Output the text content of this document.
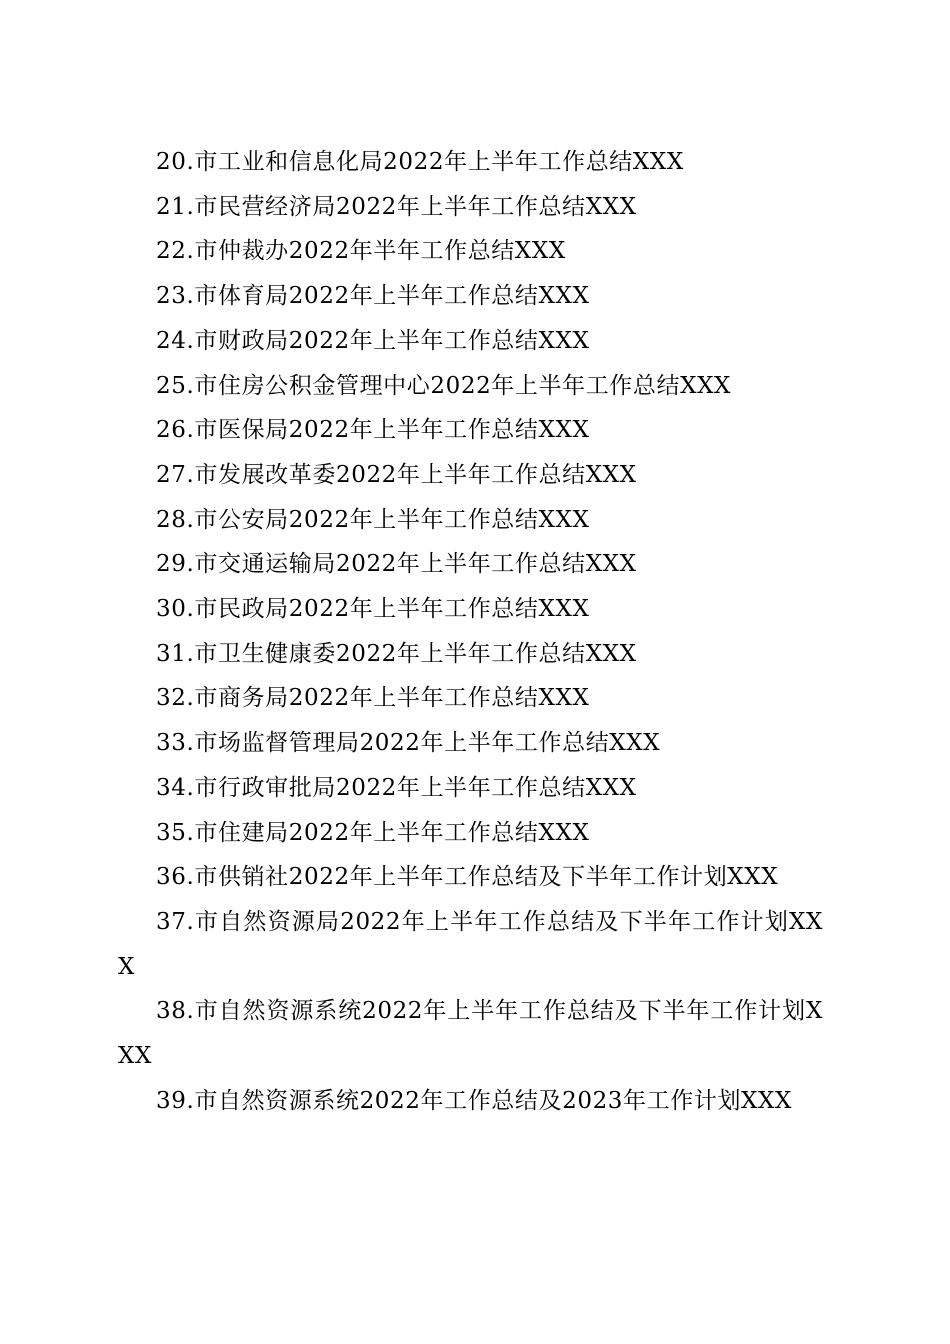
20.市工业和信息化局2022年上半年工作总结XXX
21.市民营经济局2022年上半年工作总结XXX
22.市仲裁办2022年半年工作总结XXX
23.市体育局2022年上半年工作总结XXX
24.市财政局2022年上半年工作总结XXX
25.市住房公积金管理中心2022年上半年工作总结XXX
26.市医保局2022年上半年工作总结XXX
27.市发展改革委2022年上半年工作总结XXX
28.市公安局2022年上半年工作总结XXX
29.市交通运输局2022年上半年工作总结XXX
30.市民政局2022年上半年工作总结XXX
31.市卫生健康委2022年上半年工作总结XXX
32.市商务局2022年上半年工作总结XXX
33.市场监督管理局2022年上半年工作总结XXX
34.市行政审批局2022年上半年工作总结XXX
35.市住建局2022年上半年工作总结XXX
36.市供销社2022年上半年工作总结及下半年工作计划XXX
37.市自然资源局2022年上半年工作总结及下半年工作计划XXX
38.市自然资源系统2022年上半年工作总结及下半年工作计划XXX
39.市自然资源系统2022年工作总结及2023年工作计划XXX
